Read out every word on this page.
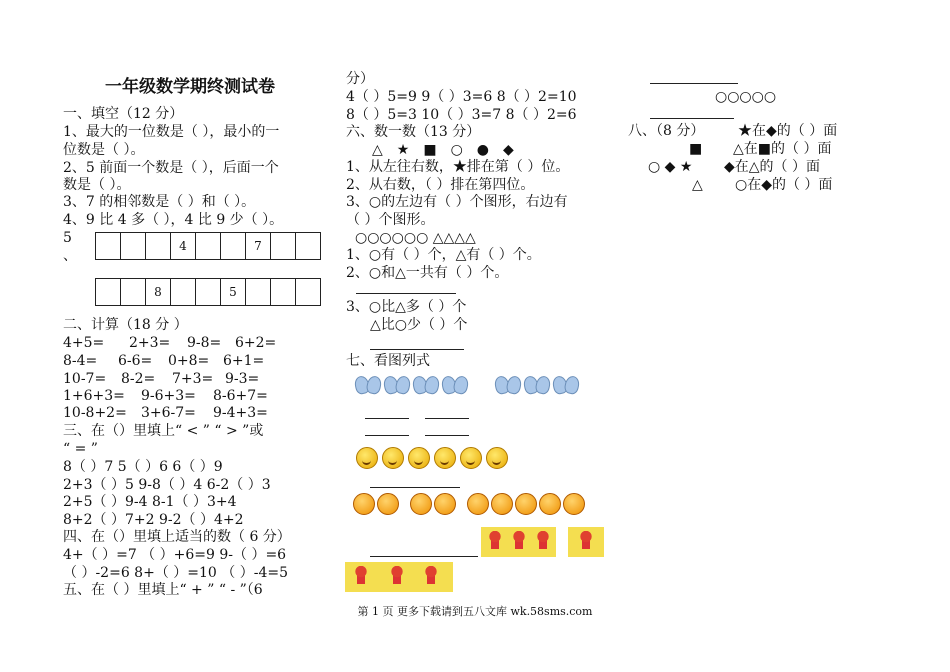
一年级数学期终测试卷
一、填空（12 分）
1、最大的一位数是（ ），最小的一
位数是（ ）。
2、5 前面一个数是（ ），后面一个
数是（ ）。
3、7 的相邻数是（ ）和（ ）。
4、9 比 4 多（ ），4 比 9 少（ ）。
5
、
4	7
8	5
二、计算（18 分 ）
4+5= 2+3= 9-8= 6+2=
8-4= 6-6= 0+8= 6+1=
10-7= 8-2= 7+3= 9-3=
1+6+3= 9-6+3= 8-6+7=
10-8+2= 3+6-7= 9-4+3=
三、在（）里填上“ < ” “ > ”或
“ = ”
8（ ）7 5（ ）6 6（ ）9
2+3（ ）5 9-8（ ）4 6-2（ ）3
2+5（ ）9-4 8-1（ ）3+4
8+2（ ）7+2 9-2（ ）4+2
四、在（）里填上适当的数（ 6 分）
4+（ ）=7 （ ）+6=9 9-（ ）=6
（ ）-2=6 8+（ ）=10 （ ）-4=5
五、在（ ）里填上“ + ” “ - ”（6
分）
4（ ）5=9 9（ ）3=6 8（ ）2=10
8（ ）5=3 10（ ）3=7 8（ ）2=6
六、数一数（13 分）
△ ★ ■ ○ ● ◆
1、从左往右数，★排在第（ ）位。
2、从右数，（ ）排在第四位。
3、○的左边有（ ）个图形，右边有
（ ）个图形。
○○○○○○ △△△△
1、○有（ ）个，△有（ ）个。
2、○和△一共有（ ）个。
3、○比△多（ ）个
△比○少（ ）个
七、看图列式
○○○○○
八、（8 分） ★在◆的（ ）面
■ △在■的（ ）面
○ ◆ ★ ◆在△的（ ）面
△ ○在◆的（ ）面
第 1 页 更多下载请到五八文库 wk.58sms.com
